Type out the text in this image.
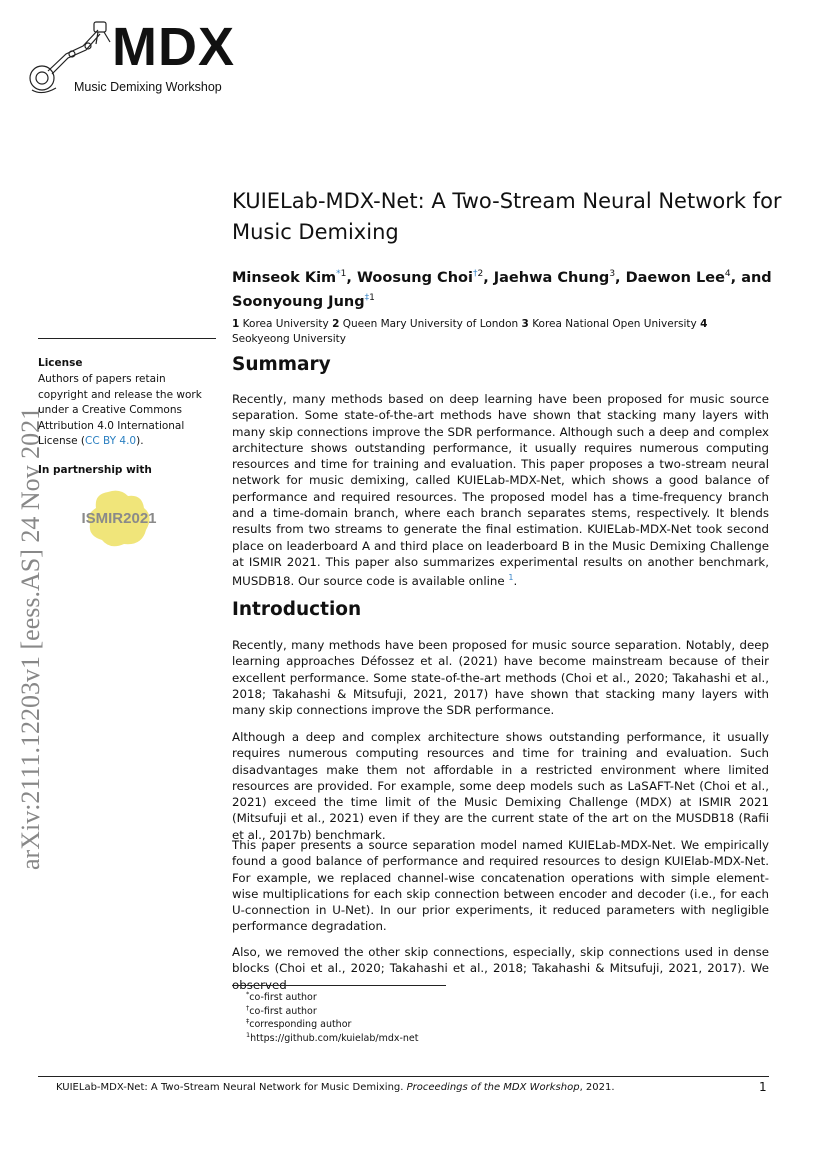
MDX
Music Demixing Workshop
arXiv:2111.12203v1 [eess.AS] 24 Nov 2021
License
Authors of papers retain copyright and release the work under a Creative Commons Attribution 4.0 International License (CC BY 4.0).
In partnership with
ISMIR2021
KUIELab-MDX-Net: A Two-Stream Neural Network for Music Demixing
Minseok Kim$^{*1}$, Woosung Choi$^{\dagger 2}$, Jaehwa Chung$^3$, Daewon Lee$^4$, and Soonyoung Jung$^{\ddagger 1}$
1 Korea University 2 Queen Mary University of London 3 Korea National Open University 4 Seokyeong University
Summary
Recently, many methods based on deep learning have been proposed for music source separation. Some state-of-the-art methods have shown that stacking many layers with many skip connections improve the SDR performance. Although such a deep and complex architecture shows outstanding performance, it usually requires numerous computing resources and time for training and evaluation. This paper proposes a two-stream neural network for music demixing, called KUIELab-MDX-Net, which shows a good balance of performance and required resources. The proposed model has a time-frequency branch and a time-domain branch, where each branch separates stems, respectively. It blends results from two streams to generate the final estimation. KUIELab-MDX-Net took second place on leaderboard A and third place on leaderboard B in the Music Demixing Challenge at ISMIR 2021. This paper also summarizes experimental results on another benchmark, MUSDB18. Our source code is available online $^1$.
Introduction
Recently, many methods have been proposed for music source separation. Notably, deep learning approaches Défossez et al. (2021) have become mainstream because of their excellent performance. Some state-of-the-art methods (Choi et al., 2020; Takahashi et al., 2018; Takahashi & Mitsufuji, 2021, 2017) have shown that stacking many layers with many skip connections improve the SDR performance.
Although a deep and complex architecture shows outstanding performance, it usually requires numerous computing resources and time for training and evaluation. Such disadvantages make them not affordable in a restricted environment where limited resources are provided. For example, some deep models such as LaSAFT-Net (Choi et al., 2021) exceed the time limit of the Music Demixing Challenge (MDX) at ISMIR 2021 (Mitsufuji et al., 2021) even if they are the current state of the art on the MUSDB18 (Rafii et al., 2017b) benchmark.
This paper presents a source separation model named KUIELab-MDX-Net. We empirically found a good balance of performance and required resources to design KUIElab-MDX-Net. For example, we replaced channel-wise concatenation operations with simple element-wise multiplications for each skip connection between encoder and decoder (i.e., for each U-connection in U-Net). In our prior experiments, it reduced parameters with negligible performance degradation.
Also, we removed the other skip connections, especially, skip connections used in dense blocks (Choi et al., 2020; Takahashi et al., 2018; Takahashi & Mitsufuji, 2021, 2017). We observed
*co-first author
†co-first author
‡corresponding author
$^1$https://github.com/kuielab/mdx-net
KUIELab-MDX-Net: A Two-Stream Neural Network for Music Demixing. Proceedings of the MDX Workshop, 2021.	1
